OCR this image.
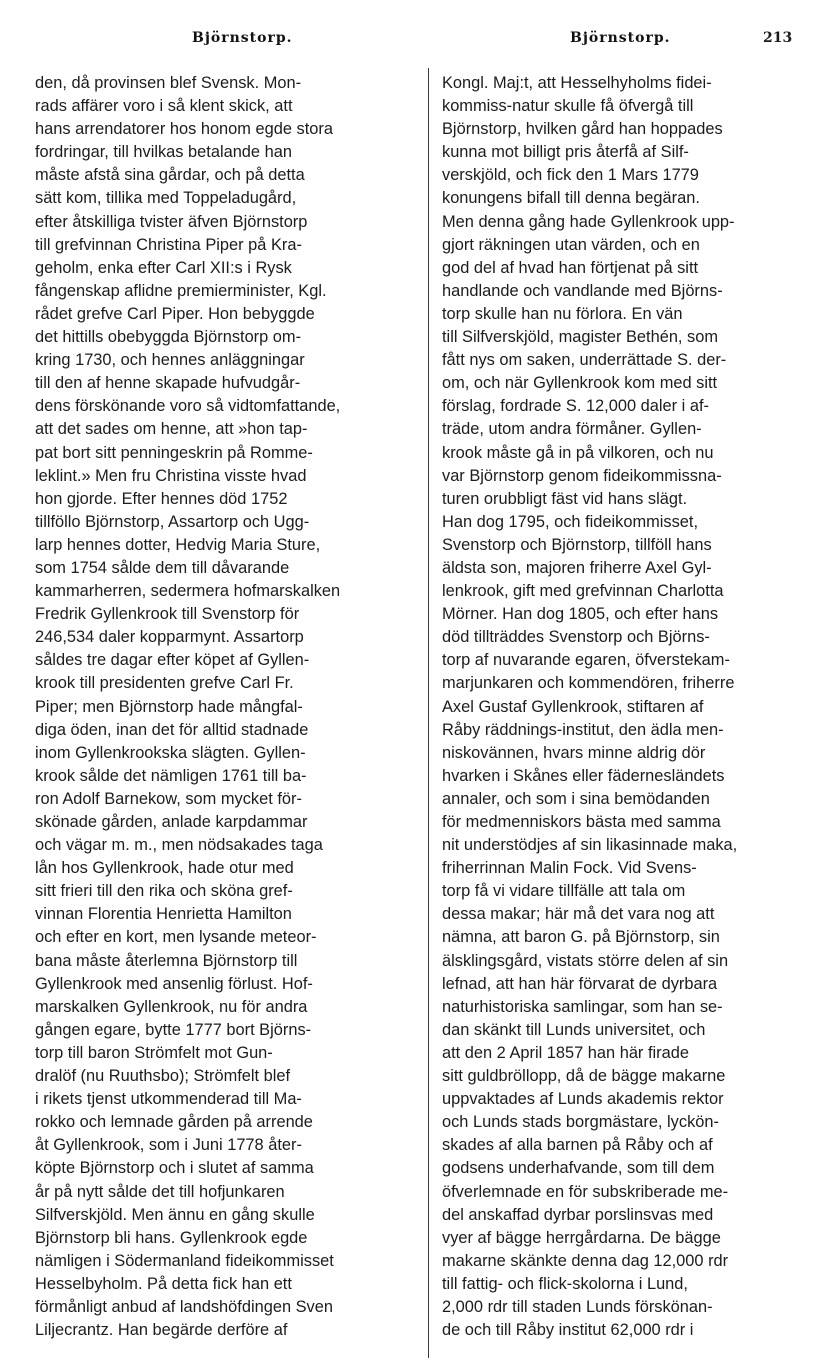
Björnstorp.	Björnstorp.	213
den, då provinsen blef Svensk. Mon-
rads affärer voro i så klent skick, att
hans arrendatorer hos honom egde stora
fordringar, till hvilkas betalande han
måste afstå sina gårdar, och på detta
sätt kom, tillika med Toppeladugård,
efter åtskilliga tvister äfven Björnstorp
till grefvinnan Christina Piper på Kra-
geholm, enka efter Carl XII:s i Rysk
fångenskap aflidne premierminister, Kgl.
rådet grefve Carl Piper. Hon bebyggde
det hittills obebyggda Björnstorp om-
kring 1730, och hennes anläggningar
till den af henne skapade hufvudgår-
dens förskönande voro så vidtomfattande,
att det sades om henne, att »hon tap-
pat bort sitt penningeskrin på Romme-
leklint.» Men fru Christina visste hvad
hon gjorde. Efter hennes död 1752
tillföllo Björnstorp, Assartorp och Ugg-
larp hennes dotter, Hedvig Maria Sture,
som 1754 sålde dem till dåvarande
kammarherren, sedermera hofmarskalken
Fredrik Gyllenkrook till Svenstorp för
246,534 daler kopparmynt. Assartorp
såldes tre dagar efter köpet af Gyllen-
krook till presidenten grefve Carl Fr.
Piper; men Björnstorp hade mångfal-
diga öden, inan det för alltid stadnade
inom Gyllenkrookska slägten. Gyllen-
krook sålde det nämligen 1761 till ba-
ron Adolf Barnekow, som mycket för-
skönade gården, anlade karpdammar
och vägar m. m., men nödsakades taga
lån hos Gyllenkrook, hade otur med
sitt frieri till den rika och sköna gref-
vinnan Florentia Henrietta Hamilton
och efter en kort, men lysande meteor-
bana måste återlemna Björnstorp till
Gyllenkrook med ansenlig förlust. Hof-
marskalken Gyllenkrook, nu för andra
gången egare, bytte 1777 bort Björns-
torp till baron Strömfelt mot Gun-
dralöf (nu Ruuthsbo); Strömfelt blef
i rikets tjenst utkommenderad till Ma-
rokko och lemnade gården på arrende
åt Gyllenkrook, som i Juni 1778 åter-
köpte Björnstorp och i slutet af samma
år på nytt sålde det till hofjunkaren
Silfverskjöld. Men ännu en gång skulle
Björnstorp bli hans. Gyllenkrook egde
nämligen i Södermanland fideikommisset
Hesselbyholm. På detta fick han ett
förmånligt anbud af landshöfdingen Sven
Liljecrantz. Han begärde derföre af
Kongl. Maj:t, att Hesselhyholms fidei-
kommiss-natur skulle få öfvergå till
Björnstorp, hvilken gård han hoppades
kunna mot billigt pris återfå af Silf-
verskjöld, och fick den 1 Mars 1779
konungens bifall till denna begäran.
Men denna gång hade Gyllenkrook upp-
gjort räkningen utan värden, och en
god del af hvad han förtjenat på sitt
handlande och vandlande med Björns-
torp skulle han nu förlora. En vän
till Silfverskjöld, magister Bethén, som
fått nys om saken, underrättade S. der-
om, och när Gyllenkrook kom med sitt
förslag, fordrade S. 12,000 daler i af-
träde, utom andra förmåner. Gyllen-
krook måste gå in på vilkoren, och nu
var Björnstorp genom fideikommissna-
turen orubbligt fäst vid hans slägt.
Han dog 1795, och fideikommisset,
Svenstorp och Björnstorp, tillföll hans
äldsta son, majoren friherre Axel Gyl-
lenkrook, gift med grefvinnan Charlotta
Mörner. Han dog 1805, och efter hans
död tillträddes Svenstorp och Björns-
torp af nuvarande egaren, öfverstekam-
marjunkaren och kommendören, friherre
Axel Gustaf Gyllenkrook, stiftaren af
Råby räddnings-institut, den ädla men-
niskovännen, hvars minne aldrig dör
hvarken i Skånes eller fädernesländets
annaler, och som i sina bemödanden
för medmenniskors bästa med samma
nit understödjes af sin likasinnade maka,
friherrinnan Malin Fock. Vid Svens-
torp få vi vidare tillfälle att tala om
dessa makar; här må det vara nog att
nämna, att baron G. på Björnstorp, sin
älsklingsgård, vistats större delen af sin
lefnad, att han här förvarat de dyrbara
naturhistoriska samlingar, som han se-
dan skänkt till Lunds universitet, och
att den 2 April 1857 han här firade
sitt guldbröllopp, då de bägge makarne
uppvaktades af Lunds akademis rektor
och Lunds stads borgmästare, lyckön-
skades af alla barnen på Råby och af
godsens underhafvande, som till dem
öfverlemnade en för subskriberade me-
del anskaffad dyrbar porslinsvas med
vyer af bägge herrgårdarna. De bägge
makarne skänkte denna dag 12,000 rdr
till fattig- och flick-skolorna i Lund,
2,000 rdr till staden Lunds förskönan-
de och till Råby institut 62,000 rdr i
